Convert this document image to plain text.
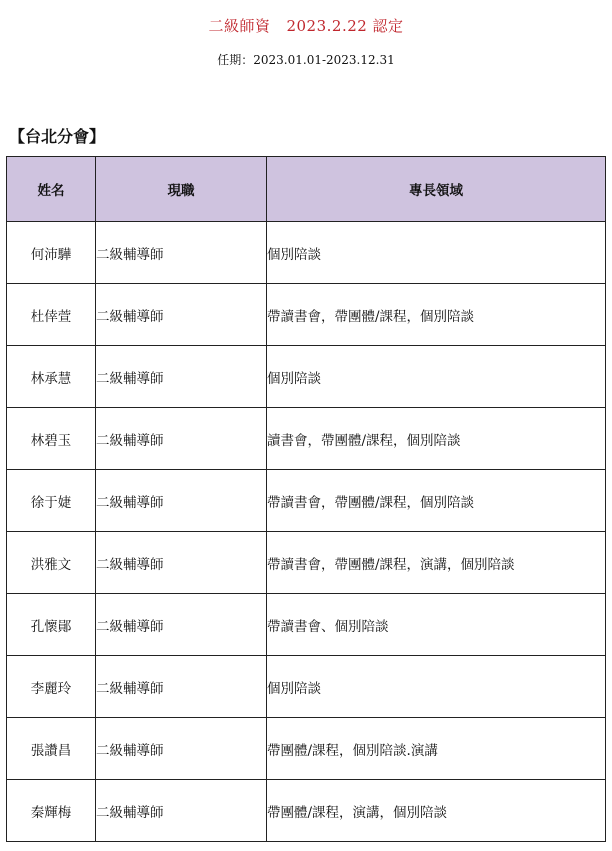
二級師資 2023.2.22 認定
任期：2023.01.01-2023.12.31
【台北分會】
姓名	現職	專長領域
何沛驊	二級輔導師	個別陪談
杜倖萱	二級輔導師	帶讀書會，帶團體/課程，個別陪談
林承慧	二級輔導師	個別陪談
林碧玉	二級輔導師	讀書會，帶團體/課程，個別陪談
徐于婕	二級輔導師	帶讀書會，帶團體/課程，個別陪談
洪雅文	二級輔導師	帶讀書會，帶團體/課程，演講，個別陪談
孔懷鄖	二級輔導師	帶讀書會、個別陪談
李麗玲	二級輔導師	個別陪談
張讚昌	二級輔導師	帶團體/課程，個別陪談.演講
秦輝梅	二級輔導師	帶團體/課程，演講，個別陪談
